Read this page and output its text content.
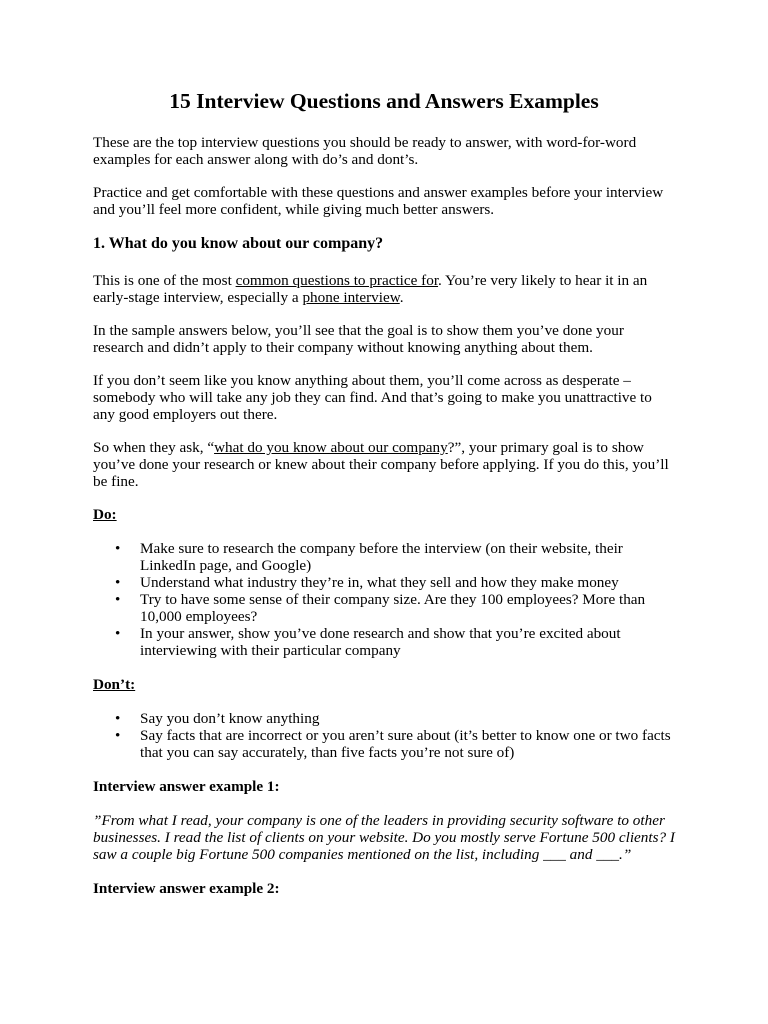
15 Interview Questions and Answers Examples

These are the top interview questions you should be ready to answer, with word-for-word examples for each answer along with do’s and dont’s.

Practice and get comfortable with these questions and answer examples before your interview and you’ll feel more confident, while giving much better answers.

1. What do you know about our company?

This is one of the most common questions to practice for. You’re very likely to hear it in an early-stage interview, especially a phone interview.

In the sample answers below, you’ll see that the goal is to show them you’ve done your research and didn’t apply to their company without knowing anything about them.

If you don’t seem like you know anything about them, you’ll come across as desperate – somebody who will take any job they can find. And that’s going to make you unattractive to any good employers out there.

So when they ask, “what do you know about our company?”, your primary goal is to show you’ve done your research or knew about their company before applying. If you do this, you’ll be fine.

Do:
• Make sure to research the company before the interview (on their website, their LinkedIn page, and Google)
• Understand what industry they’re in, what they sell and how they make money
• Try to have some sense of their company size. Are they 100 employees? More than 10,000 employees?
• In your answer, show you’ve done research and show that you’re excited about interviewing with their particular company
Don’t:
• Say you don’t know anything
• Say facts that are incorrect or you aren’t sure about (it’s better to know one or two facts that you can say accurately, than five facts you’re not sure of)
Interview answer example 1:

”From what I read, your company is one of the leaders in providing security software to other businesses. I read the list of clients on your website. Do you mostly serve Fortune 500 clients? I saw a couple big Fortune 500 companies mentioned on the list, including ___ and ___.”

Interview answer example 2:
